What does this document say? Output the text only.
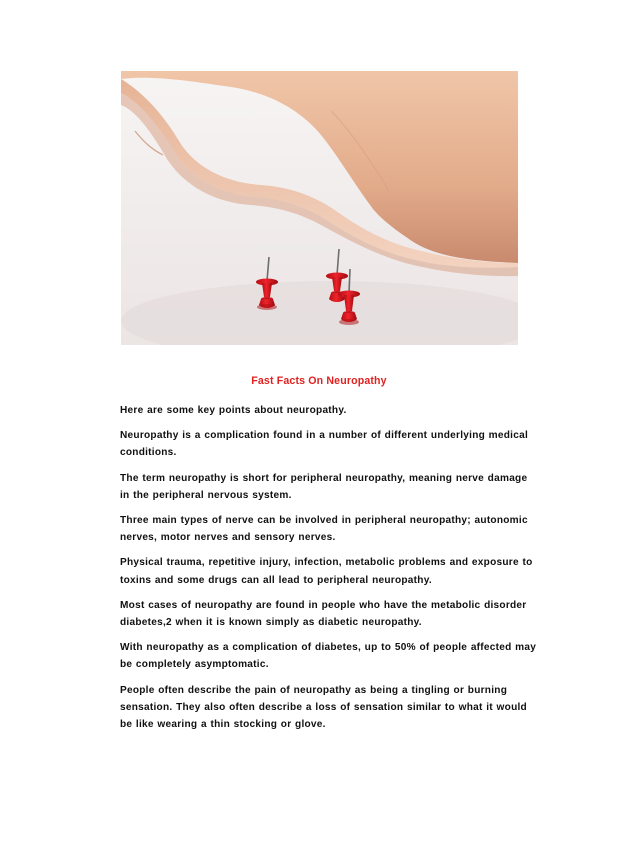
Fast Facts On Neuropathy

Here are some key points about neuropathy.

Neuropathy is a complication found in a number of different underlying medical conditions.

The term neuropathy is short for peripheral neuropathy, meaning nerve damage in the peripheral nervous system.

Three main types of nerve can be involved in peripheral neuropathy; autonomic nerves, motor nerves and sensory nerves.

Physical trauma, repetitive injury, infection, metabolic problems and exposure to toxins and some drugs can all lead to peripheral neuropathy.

Most cases of neuropathy are found in people who have the metabolic disorder diabetes,2 when it is known simply as diabetic neuropathy.

With neuropathy as a complication of diabetes, up to 50% of people affected may be completely asymptomatic.

People often describe the pain of neuropathy as being a tingling or burning sensation. They also often describe a loss of sensation similar to what it would be like wearing a thin stocking or glove.
